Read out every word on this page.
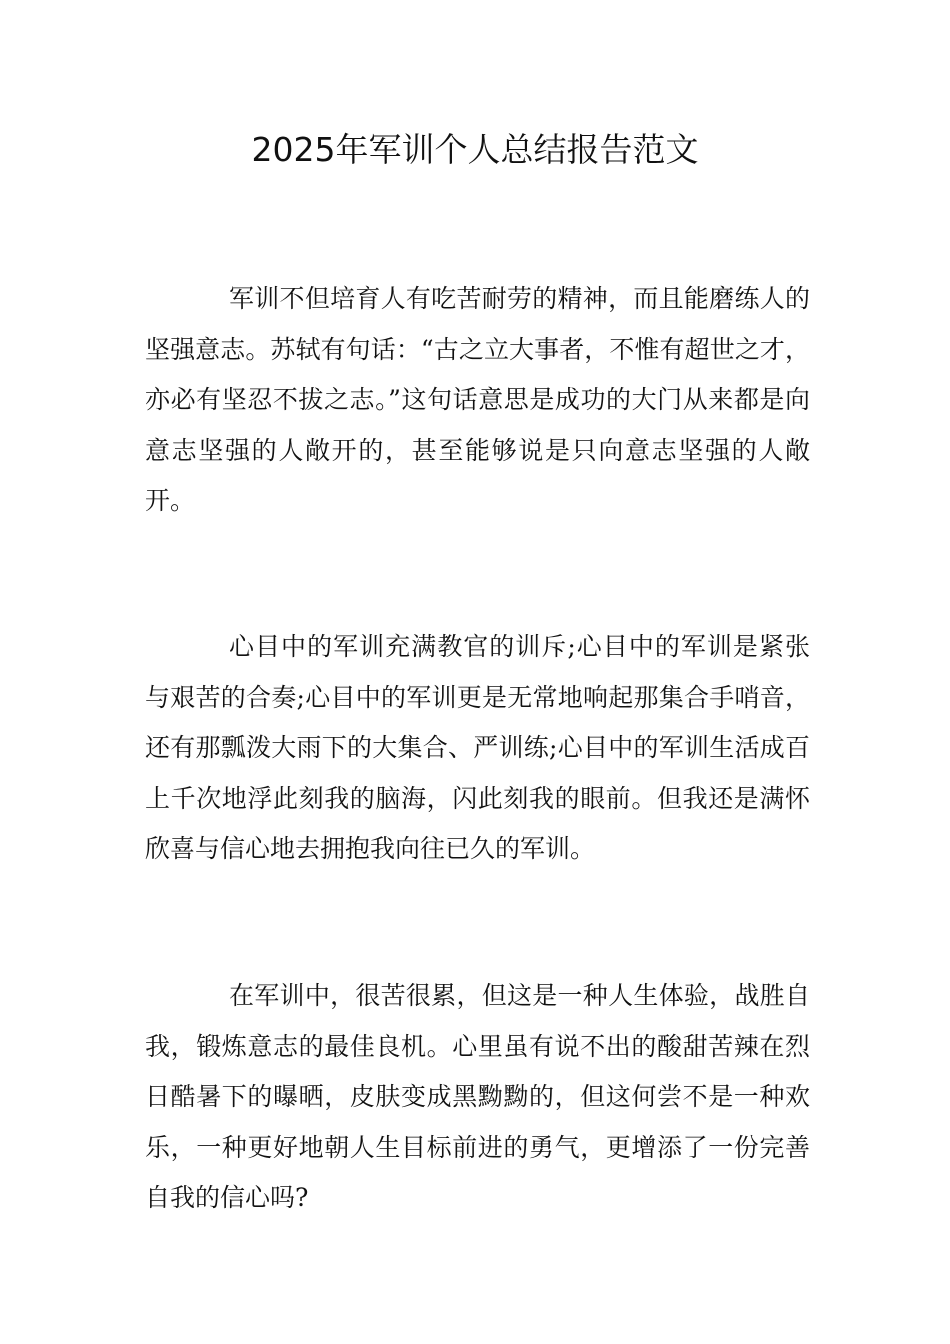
2025年军训个人总结报告范文

军训不但培育人有吃苦耐劳的精神，而且能磨练人的坚强意志。苏轼有句话：“古之立大事者，不惟有超世之才，亦必有坚忍不拔之志。”这句话意思是成功的大门从来都是向意志坚强的人敞开的，甚至能够说是只向意志坚强的人敞开。

心目中的军训充满教官的训斥;心目中的军训是紧张与艰苦的合奏;心目中的军训更是无常地响起那集合手哨音，还有那瓢泼大雨下的大集合、严训练;心目中的军训生活成百上千次地浮此刻我的脑海，闪此刻我的眼前。但我还是满怀欣喜与信心地去拥抱我向往已久的军训。

在军训中，很苦很累，但这是一种人生体验，战胜自我，锻炼意志的最佳良机。心里虽有说不出的酸甜苦辣在烈日酷暑下的曝晒，皮肤变成黑黝黝的，但这何尝不是一种欢乐，一种更好地朝人生目标前进的勇气，更增添了一份完善自我的信心吗?
